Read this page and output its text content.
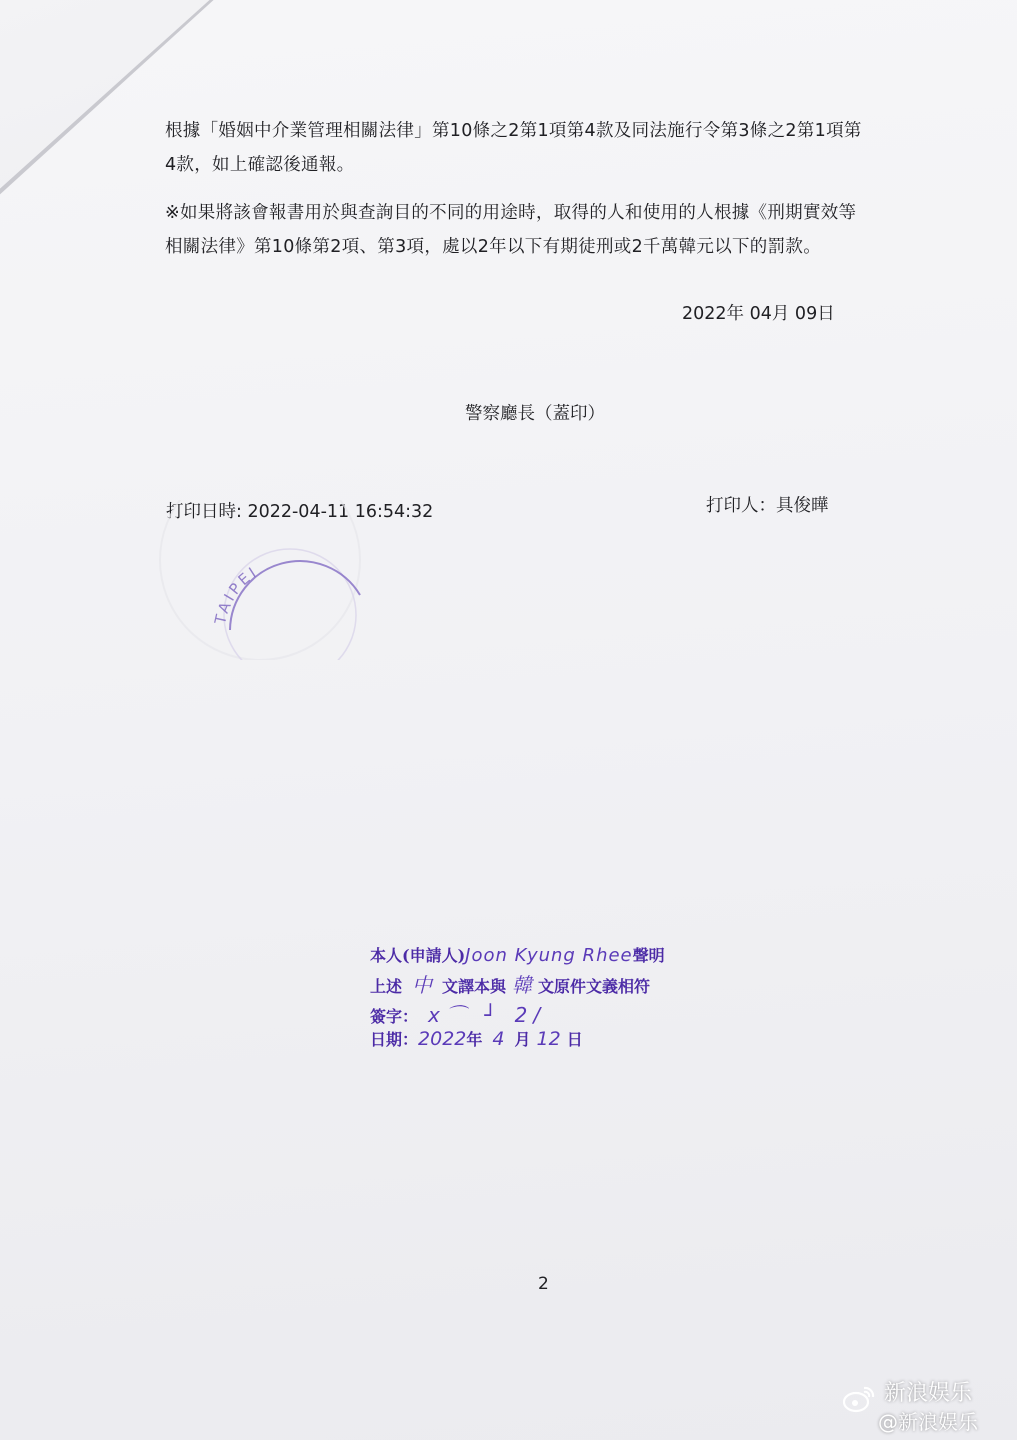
根據「婚姻中介業管理相關法律」第10條之2第1項第4款及同法施行令第3條之2第1項第4款，如上確認後通報。
※如果將該會報書用於與查詢目的不同的用途時，取得的人和使用的人根據《刑期實效等相關法律》第10條第2項、第3項，處以2年以下有期徒刑或2千萬韓元以下的罰款。
2022年 04月 09日
警察廳長（蓋印）
打印日時: 2022-04-11 16:54:32	打印人：具俊曄
TAIPEI
本人(申請人)Joon Kyung Rhee聲明
上述 中 文譯本與 韓 文原件文義相符
簽字： ⅹ⌒ ┘ 2/
日期：2022年 4 月 12 日
2
新浪娱乐
@新浪娱乐
